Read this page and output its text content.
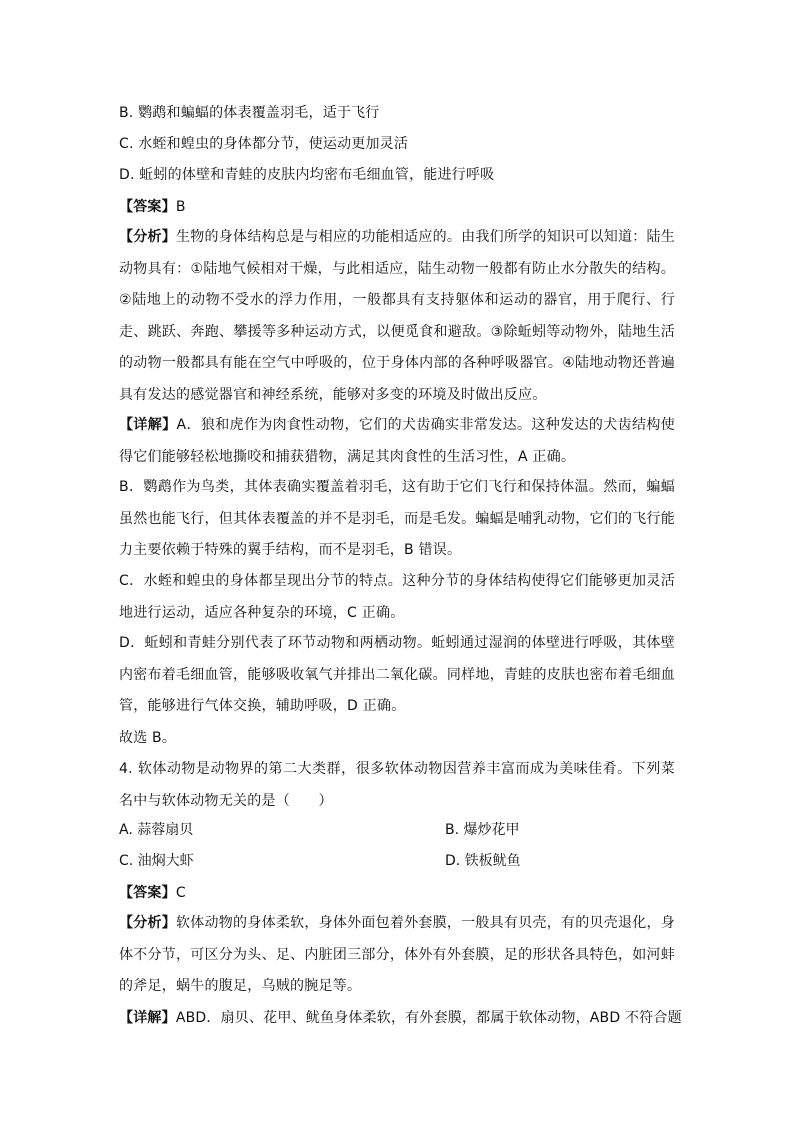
B. 鹦鹉和蝙蝠的体表覆盖羽毛，适于飞行
C. 水蛭和蝗虫的身体都分节，使运动更加灵活
D. 蚯蚓的体壁和青蛙的皮肤内均密布毛细血管，能进行呼吸
【答案】B
【分析】生物的身体结构总是与相应的功能相适应的。由我们所学的知识可以知道：陆生动物具有：①陆地气候相对干燥，与此相适应，陆生动物一般都有防止水分散失的结构。②陆地上的动物不受水的浮力作用，一般都具有支持躯体和运动的器官，用于爬行、行走、跳跃、奔跑、攀援等多种运动方式，以便觅食和避敌。③除蚯蚓等动物外，陆地生活的动物一般都具有能在空气中呼吸的，位于身体内部的各种呼吸器官。④陆地动物还普遍具有发达的感觉器官和神经系统，能够对多变的环境及时做出反应。
【详解】A．狼和虎作为肉食性动物，它们的犬齿确实非常发达。这种发达的犬齿结构使得它们能够轻松地撕咬和捕获猎物，满足其肉食性的生活习性，A 正确。
B．鹦鹉作为鸟类，其体表确实覆盖着羽毛，这有助于它们飞行和保持体温。然而，蝙蝠虽然也能飞行，但其体表覆盖的并不是羽毛，而是毛发。蝙蝠是哺乳动物，它们的飞行能力主要依赖于特殊的翼手结构，而不是羽毛，B 错误。
C．水蛭和蝗虫的身体都呈现出分节的特点。这种分节的身体结构使得它们能够更加灵活地进行运动，适应各种复杂的环境，C 正确。
D．蚯蚓和青蛙分别代表了环节动物和两栖动物。蚯蚓通过湿润的体壁进行呼吸，其体壁内密布着毛细血管，能够吸收氧气并排出二氧化碳。同样地，青蛙的皮肤也密布着毛细血管，能够进行气体交换，辅助呼吸，D 正确。
故选 B。
4. 软体动物是动物界的第二大类群，很多软体动物因营养丰富而成为美味佳肴。下列菜名中与软体动物无关的是（　　）
A. 蒜蓉扇贝	B. 爆炒花甲
C. 油焖大虾	D. 铁板鱿鱼
【答案】C
【分析】软体动物的身体柔软，身体外面包着外套膜，一般具有贝壳，有的贝壳退化，身体不分节，可区分为头、足、内脏团三部分，体外有外套膜，足的形状各具特色，如河蚌的斧足，蜗牛的腹足，乌贼的腕足等。
【详解】ABD．扇贝、花甲、鱿鱼身体柔软，有外套膜，都属于软体动物，ABD 不符合题
